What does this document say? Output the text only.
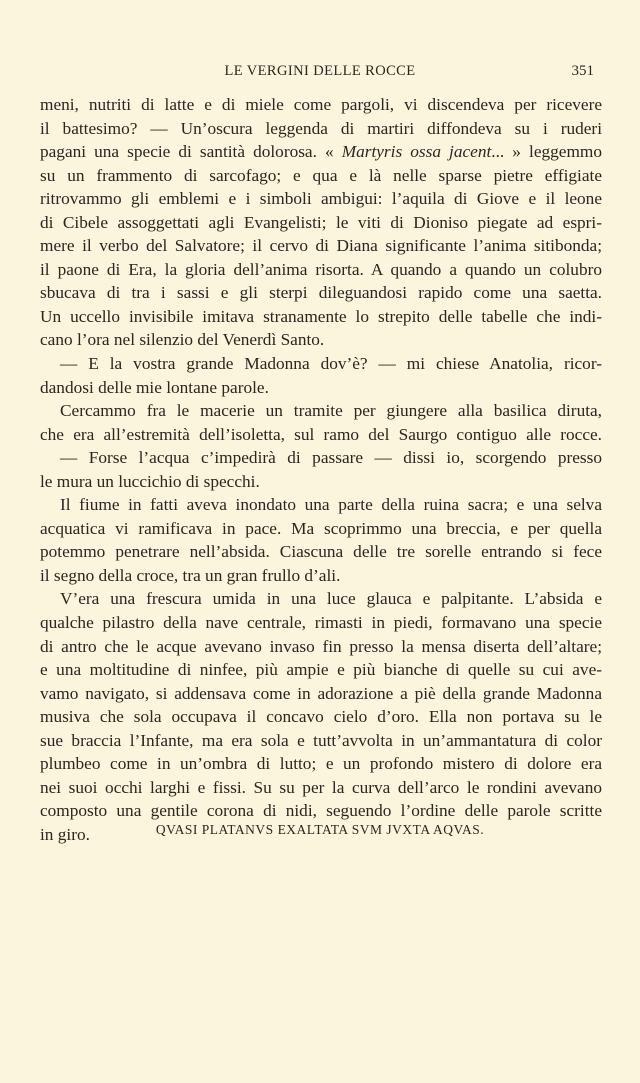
LE VERGINI DELLE ROCCE	351
meni, nutriti di latte e di miele come pargoli, vi discendeva per ricevere
il battesimo? — Un’oscura leggenda di martiri diffondeva su i ruderi
pagani una specie di santità dolorosa. « Martyris ossa jacent... » leggemmo
su un frammento di sarcofago; e qua e là nelle sparse pietre effigiate
ritrovammo gli emblemi e i simboli ambigui: l’aquila di Giove e il leone
di Cibele assoggettati agli Evangelisti; le viti di Dioniso piegate ad espri-
mere il verbo del Salvatore; il cervo di Diana significante l’anima sitibonda;
il paone di Era, la gloria dell’anima risorta. A quando a quando un colubro
sbucava di tra i sassi e gli sterpi dileguandosi rapido come una saetta.
Un uccello invisibile imitava stranamente lo strepito delle tabelle che indi-
cano l’ora nel silenzio del Venerdì Santo.
— E la vostra grande Madonna dov’è? — mi chiese Anatolia, ricor-
dandosi delle mie lontane parole.
Cercammo fra le macerie un tramite per giungere alla basilica diruta,
che era all’estremità dell’isoletta, sul ramo del Saurgo contiguo alle rocce.
— Forse l’acqua c’impedirà di passare — dissi io, scorgendo presso
le mura un luccichio di specchi.
Il fiume in fatti aveva inondato una parte della ruina sacra; e una selva
acquatica vi ramificava in pace. Ma scoprimmo una breccia, e per quella
potemmo penetrare nell’absida. Ciascuna delle tre sorelle entrando si fece
il segno della croce, tra un gran frullo d’ali.
V’era una frescura umida in una luce glauca e palpitante. L’absida e
qualche pilastro della nave centrale, rimasti in piedi, formavano una specie
di antro che le acque avevano invaso fin presso la mensa diserta dell’altare;
e una moltitudine di ninfee, più ampie e più bianche di quelle su cui ave-
vamo navigato, si addensava come in adorazione a piè della grande Madonna
musiva che sola occupava il concavo cielo d’oro. Ella non portava su le
sue braccia l’Infante, ma era sola e tutt’avvolta in un’ammantatura di color
plumbeo come in un’ombra di lutto; e un profondo mistero di dolore era
nei suoi occhi larghi e fissi. Su su per la curva dell’arco le rondini avevano
composto una gentile corona di nidi, seguendo l’ordine delle parole scritte
in giro.	QVASI PLATANVS EXALTATA SVM JVXTA AQVAS.
